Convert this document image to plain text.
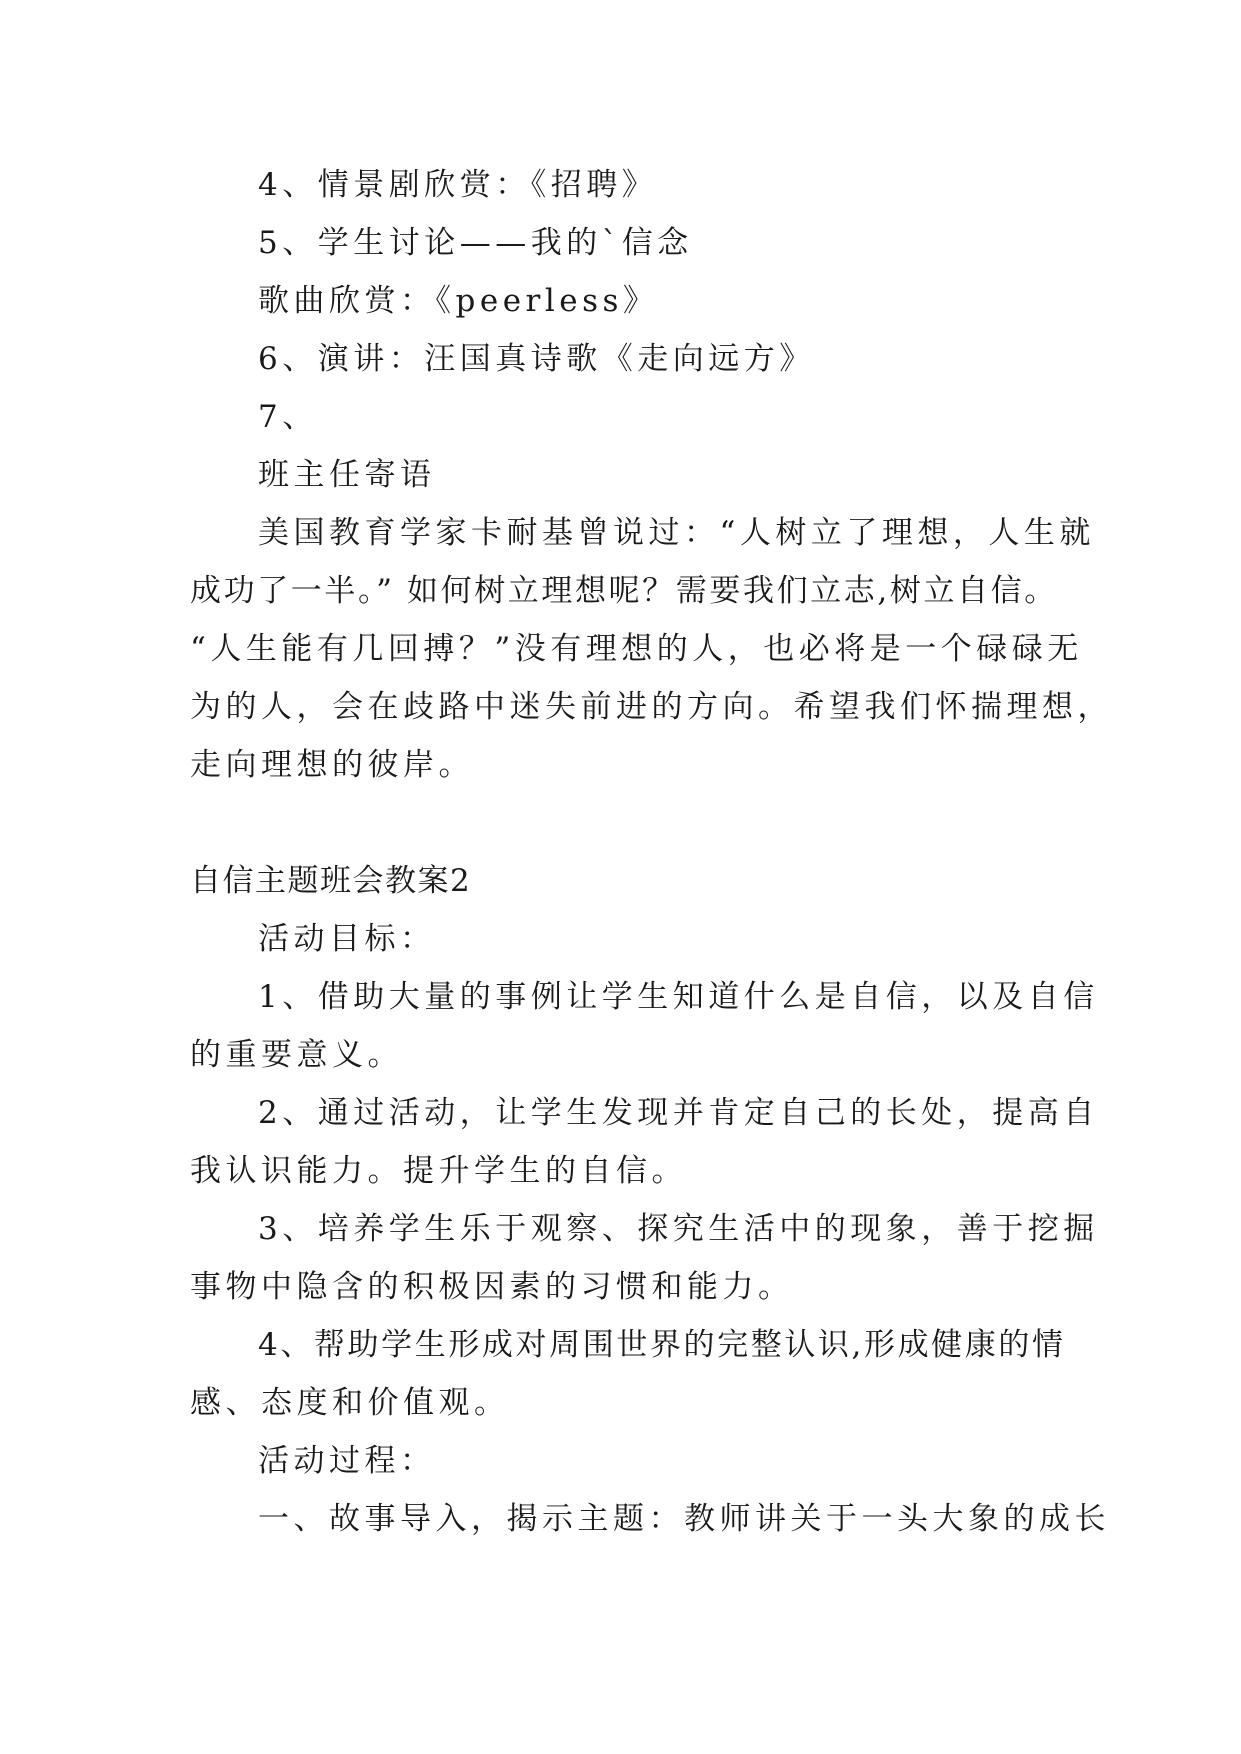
4、情景剧欣赏：《招聘》
5、学生讨论——我的`信念
歌曲欣赏：《peerless》
6、演讲：汪国真诗歌《走向远方》
7、
班主任寄语
美国教育学家卡耐基曾说过：“人树立了理想，人生就
成功了一半。” 如何树立理想呢？需要我们立志,树立自信。
“人生能有几回搏？”没有理想的人，也必将是一个碌碌无
为的人，会在歧路中迷失前进的方向。希望我们怀揣理想，
走向理想的彼岸。
自信主题班会教案2
活动目标：
1、借助大量的事例让学生知道什么是自信，以及自信
的重要意义。
2、通过活动，让学生发现并肯定自己的长处，提高自
我认识能力。提升学生的自信。
3、培养学生乐于观察、探究生活中的现象，善于挖掘
事物中隐含的积极因素的习惯和能力。
4、帮助学生形成对周围世界的完整认识,形成健康的情
感、态度和价值观。
活动过程：
一、故事导入，揭示主题：教师讲关于一头大象的成长
